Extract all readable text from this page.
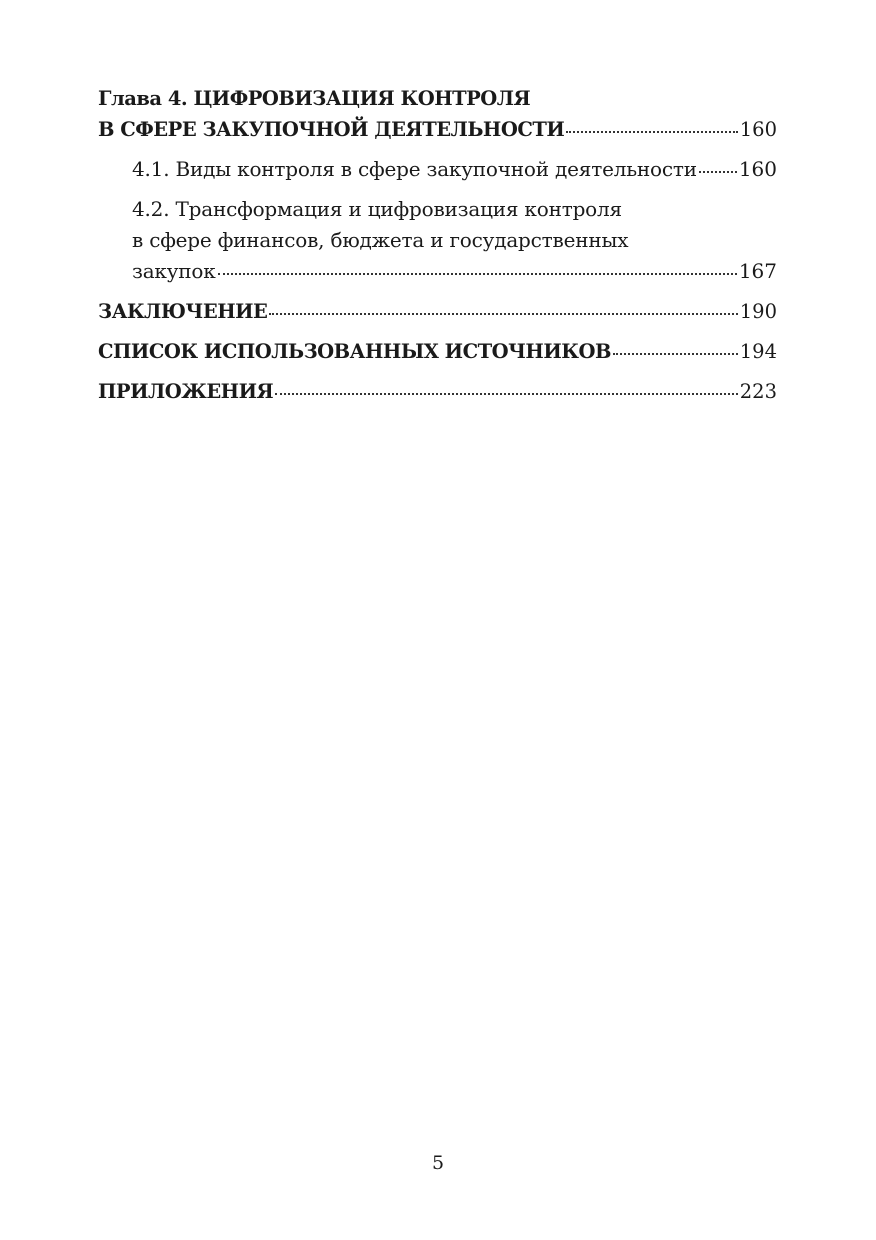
Глава 4. ЦИФРОВИЗАЦИЯ КОНТРОЛЯ
В СФЕРЕ ЗАКУПОЧНОЙ ДЕЯТЕЛЬНОСТИ	160
4.1. Виды контроля в сфере закупочной деятельности 160
4.2. Трансформация и цифровизация контроля
в сфере финансов, бюджета и государственных
закупок	167
ЗАКЛЮЧЕНИЕ	190
СПИСОК ИСПОЛЬЗОВАННЫХ ИСТОЧНИКОВ	194
ПРИЛОЖЕНИЯ	223
5
